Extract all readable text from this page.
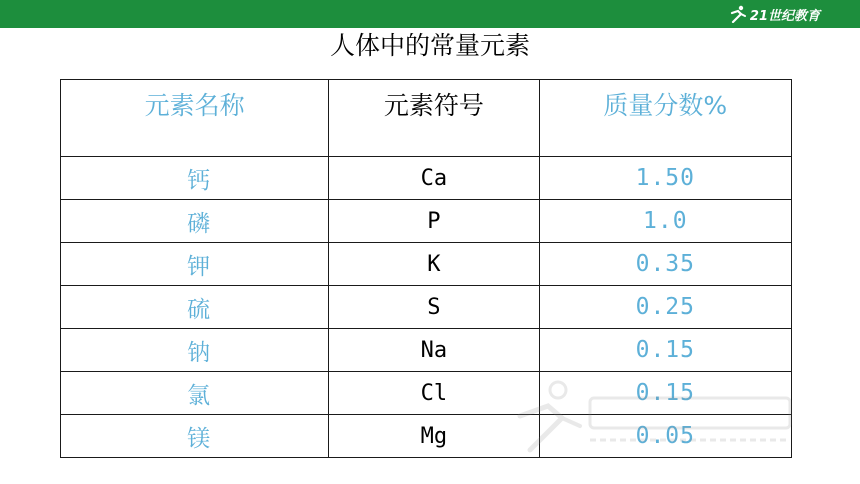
21世纪教育
人体中的常量元素
元素名称	元素符号	质量分数%
钙	Ca	1.50
磷	P	1.0
钾	K	0.35
硫	S	0.25
钠	Na	0.15
氯	Cl	0.15
镁	Mg	0.05
